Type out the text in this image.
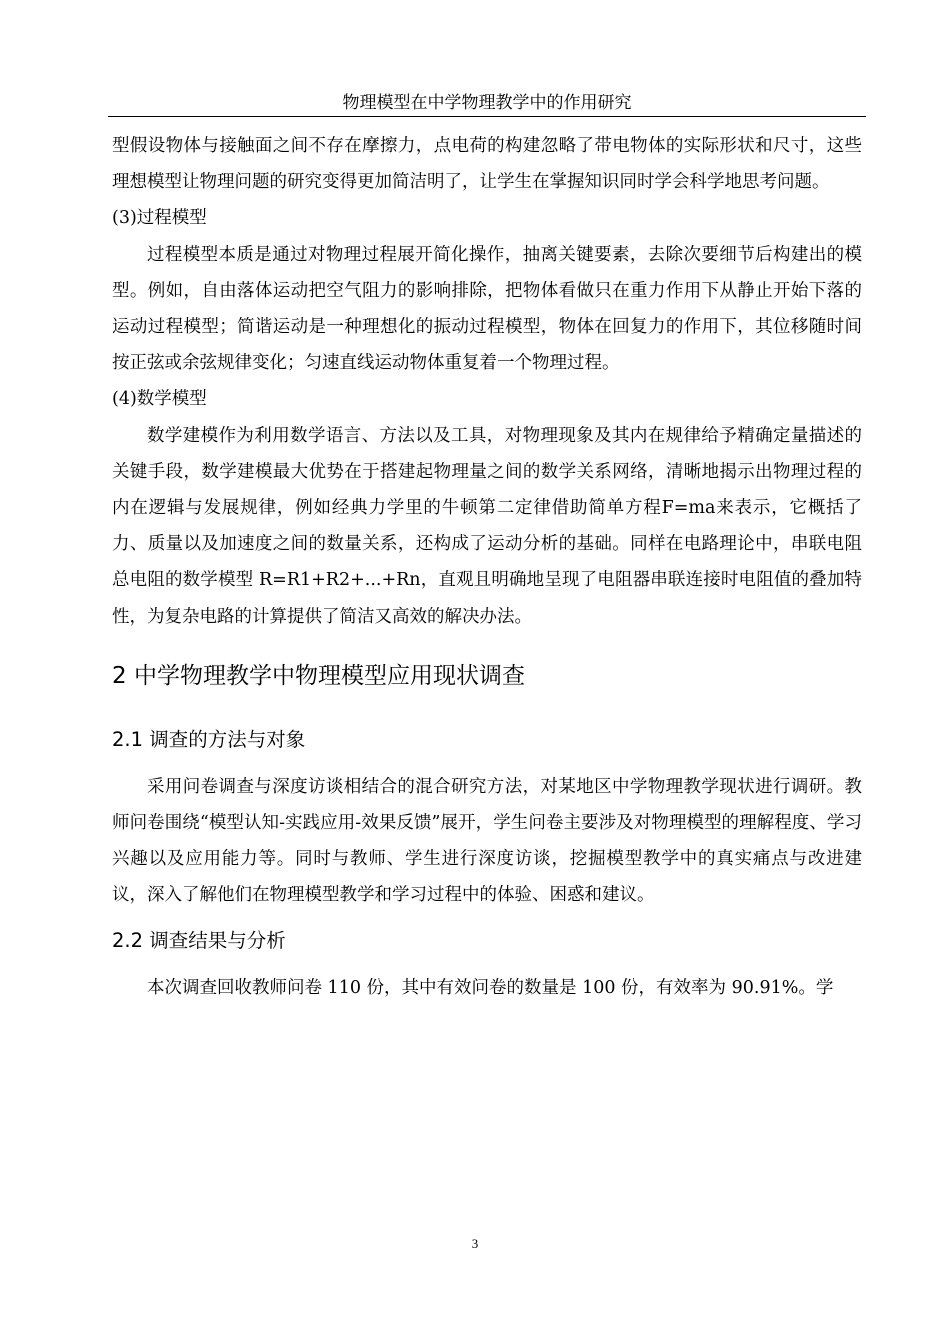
物理模型在中学物理教学中的作用研究

型假设物体与接触面之间不存在摩擦力，点电荷的构建忽略了带电物体的实际形状和尺寸，这些理想模型让物理问题的研究变得更加简洁明了，让学生在掌握知识同时学会科学地思考问题。

(3)过程模型

过程模型本质是通过对物理过程展开简化操作，抽离关键要素，去除次要细节后构建出的模型。例如，自由落体运动把空气阻力的影响排除，把物体看做只在重力作用下从静止开始下落的运动过程模型；简谐运动是一种理想化的振动过程模型，物体在回复力的作用下，其位移随时间按正弦或余弦规律变化；匀速直线运动物体重复着一个物理过程。

(4)数学模型

数学建模作为利用数学语言、方法以及工具，对物理现象及其内在规律给予精确定量描述的关键手段，数学建模最大优势在于搭建起物理量之间的数学关系网络，清晰地揭示出物理过程的内在逻辑与发展规律，例如经典力学里的牛顿第二定律借助简单方程F=ma来表示，它概括了力、质量以及加速度之间的数量关系，还构成了运动分析的基础。同样在电路理论中，串联电阻总电阻的数学模型 R=R1+R2+...+Rn，直观且明确地呈现了电阻器串联连接时电阻值的叠加特性，为复杂电路的计算提供了简洁又高效的解决办法。

2 中学物理教学中物理模型应用现状调查
2.1 调查的方法与对象

采用问卷调查与深度访谈相结合的混合研究方法，对某地区中学物理教学现状进行调研。教师问卷围绕“模型认知-实践应用-效果反馈”展开，学生问卷主要涉及对物理模型的理解程度、学习兴趣以及应用能力等。同时与教师、学生进行深度访谈，挖掘模型教学中的真实痛点与改进建议，深入了解他们在物理模型教学和学习过程中的体验、困惑和建议。

2.2 调查结果与分析

本次调查回收教师问卷 110 份，其中有效问卷的数量是 100 份，有效率为 90.91%。学

3
